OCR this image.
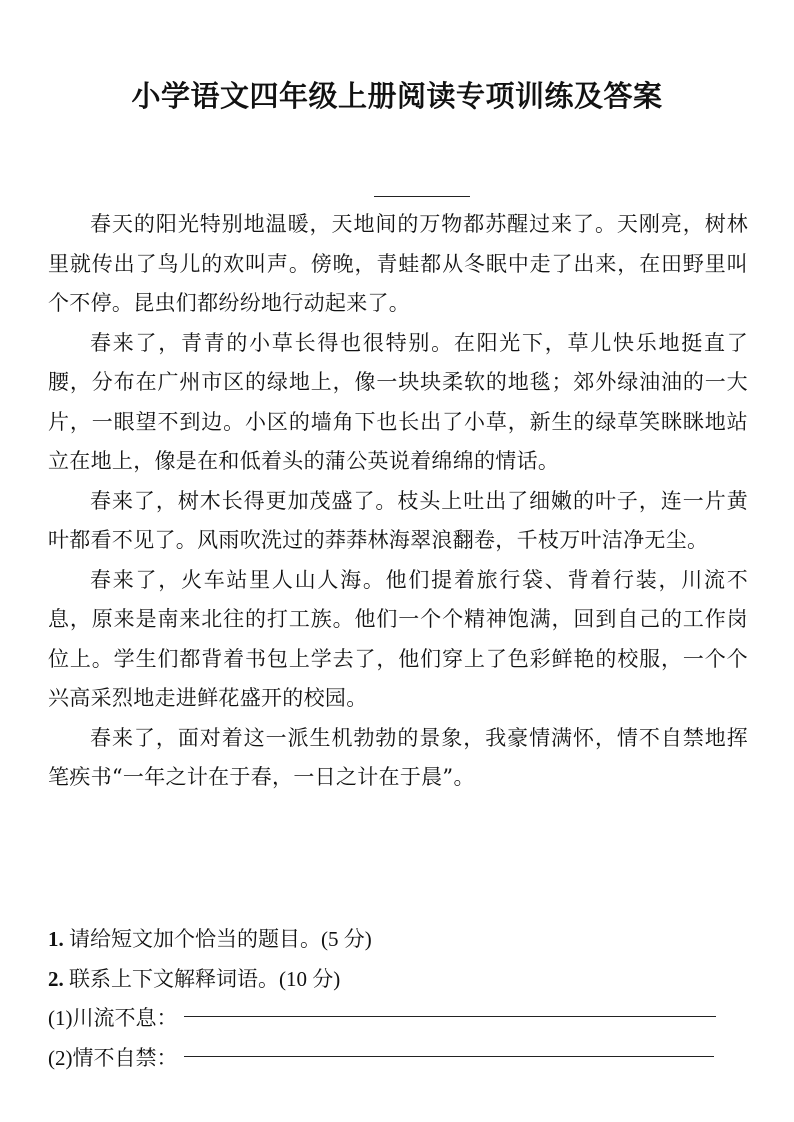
小学语文四年级上册阅读专项训练及答案

春天的阳光特别地温暖，天地间的万物都苏醒过来了。天刚亮，树林里就传出了鸟儿的欢叫声。傍晚，青蛙都从冬眠中走了出来，在田野里叫个不停。昆虫们都纷纷地行动起来了。

春来了，青青的小草长得也很特别。在阳光下，草儿快乐地挺直了腰，分布在广州市区的绿地上，像一块块柔软的地毯；郊外绿油油的一大片，一眼望不到边。小区的墙角下也长出了小草，新生的绿草笑眯眯地站立在地上，像是在和低着头的蒲公英说着绵绵的情话。

春来了，树木长得更加茂盛了。枝头上吐出了细嫩的叶子，连一片黄叶都看不见了。风雨吹洗过的莽莽林海翠浪翻卷，千枝万叶洁净无尘。

春来了，火车站里人山人海。他们提着旅行袋、背着行装，川流不息，原来是南来北往的打工族。他们一个个精神饱满，回到自己的工作岗位上。学生们都背着书包上学去了，他们穿上了色彩鲜艳的校服，一个个兴高采烈地走进鲜花盛开的校园。

春来了，面对着这一派生机勃勃的景象，我豪情满怀，情不自禁地挥笔疾书“一年之计在于春，一日之计在于晨”。

1. 请给短文加个恰当的题目。(5 分)
2. 联系上下文解释词语。(10 分)
(1)川流不息：
(2)情不自禁：
